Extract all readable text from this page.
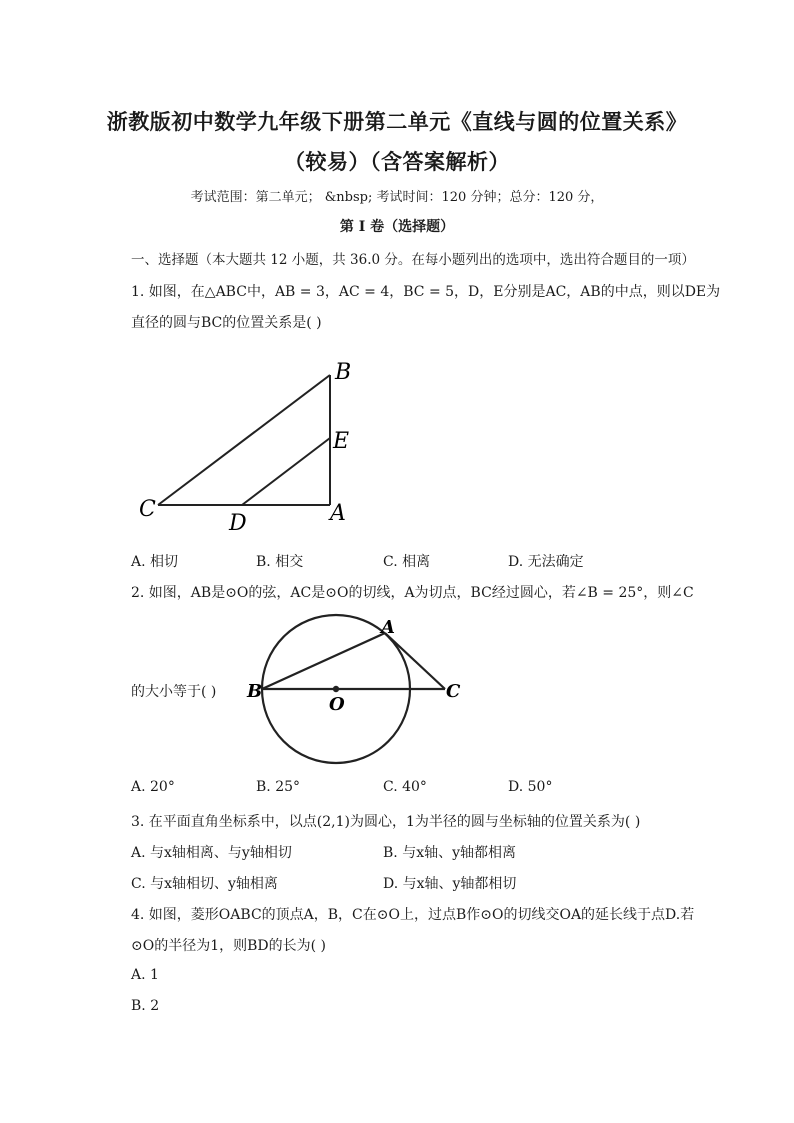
浙教版初中数学九年级下册第二单元《直线与圆的位置关系》
（较易）（含答案解析）
考试范围：第二单元； &nbsp; 考试时间：120 分钟；总分：120 分，
第 I 卷（选择题）
一、选择题（本大题共 12 小题，共 36.0 分。在每小题列出的选项中，选出符合题目的一项）
1. 如图，在△ABC中，AB = 3，AC = 4，BC = 5，D，E分别是AC，AB的中点，则以DE为
直径的圆与BC的位置关系是( )
B
E
C
D	A
A. 相切	B. 相交	C. 相离	D. 无法确定
2. 如图，AB是⊙O的弦，AC是⊙O的切线，A为切点，BC经过圆心，若∠B = 25°，则∠C
A
B
O
C
的大小等于( )
A. 20°	B. 25°	C. 40°	D. 50°
3. 在平面直角坐标系中，以点(2,1)为圆心，1为半径的圆与坐标轴的位置关系为( )
A. 与x轴相离、与y轴相切	B. 与x轴、y轴都相离
C. 与x轴相切、y轴相离	D. 与x轴、y轴都相切
4. 如图，菱形OABC的顶点A，B，C在⊙O上，过点B作⊙O的切线交OA的延长线于点D.若
⊙O的半径为1，则BD的长为( )
A. 1
B. 2
